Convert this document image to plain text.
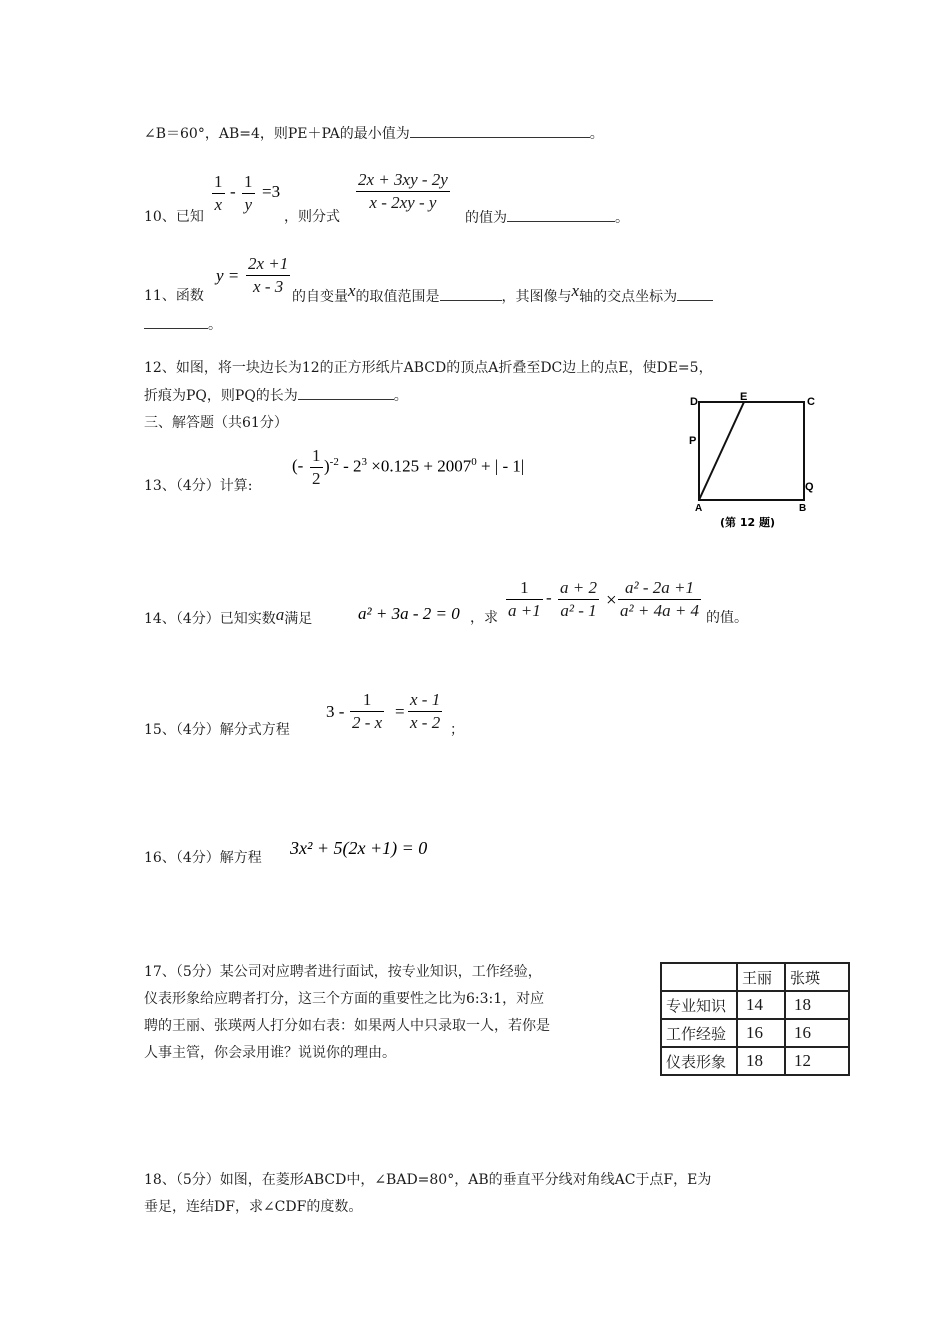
∠B＝60°，AB=4，则PE＋PA的最小值为	。
10、已知
1
x
-
1
y
=3
，则分式
2x + 3xy - 2y
x - 2xy - y
的值为	。
11、函数
y =
2x +1
x - 3
的自变量x的取值范围是	，其图像与x轴的交点坐标为
。
12、如图，将一块边长为12的正方形纸片ABCD的顶点A折叠至DC边上的点E，使DE=5，
折痕为PQ，则PQ的长为	。	D	E	C
P
Q
A	B
(第 12 题)
三、解答题（共61分）
13、（4分）计算:
(-
1
2
)$^{-2} - 2^3 \times 0.125 + 2007^0$ + | - 1|
14、（4分）已知实数a满足	a² + 3a - 2 = 0 ，求
1
a +1
-
a + 2
a² - 1 ×
a² - 2a +1
a² + 4a + 4 的值。
15、（4分）解分式方程
3 -
1
2 - x
=
x - 1
x - 2 ；
16、（4分）解方程 3x² + 5(2x +1) = 0
17、（5分）某公司对应聘者进行面试，按专业知识，工作经验，
仪表形象给应聘者打分，这三个方面的重要性之比为6:3:1，对应
聘的王丽、张瑛两人打分如右表：如果两人中只录取一人，若你是
人事主管，你会录用谁？说说你的理由。
	王丽	张瑛
专业知识	14	18
工作经验	16	16
仪表形象	18	12
18、（5分）如图，在菱形ABCD中，∠BAD=80°，AB的垂直平分线对角线AC于点F，E为
垂足，连结DF，求∠CDF的度数。
